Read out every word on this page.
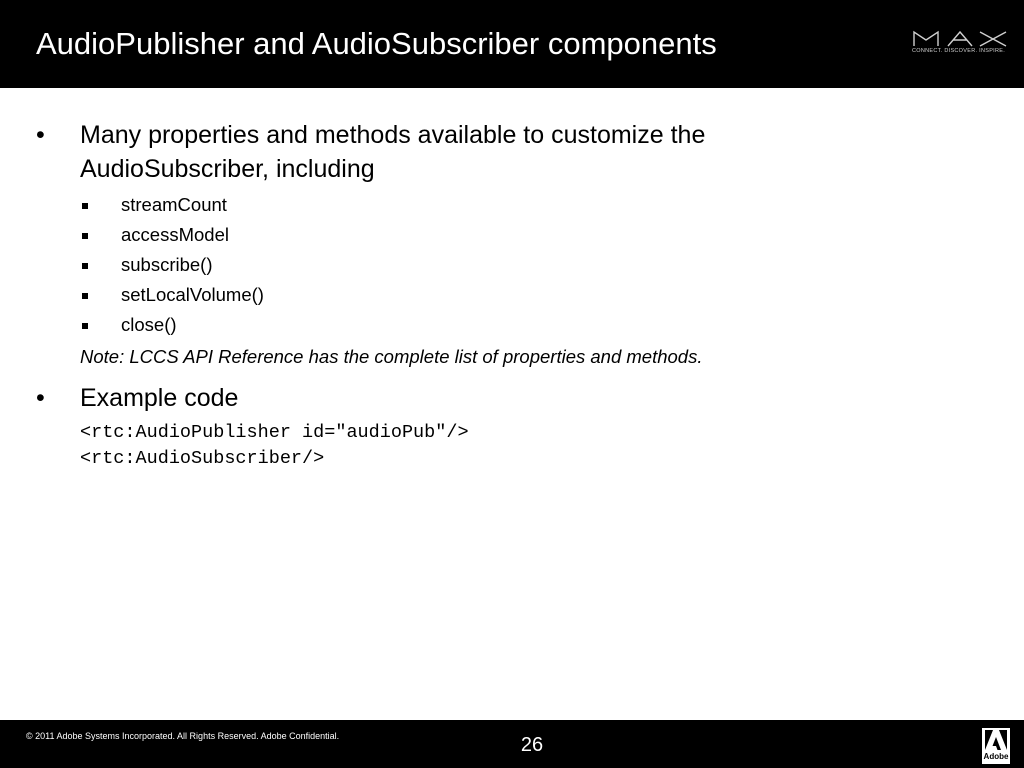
AudioPublisher and AudioSubscriber components	CONNECT. DISCOVER. INSPIRE.
• Many properties and methods available to customize the
AudioSubscriber, including
streamCount
accessModel
subscribe()
setLocalVolume()
close()
Note: LCCS API Reference has the complete list of properties and methods.
• Example code
<rtc:AudioPublisher id="audioPub"/>
<rtc:AudioSubscriber/>
© 2011 Adobe Systems Incorporated. All Rights Reserved. Adobe Confidential.	26
Adobe
